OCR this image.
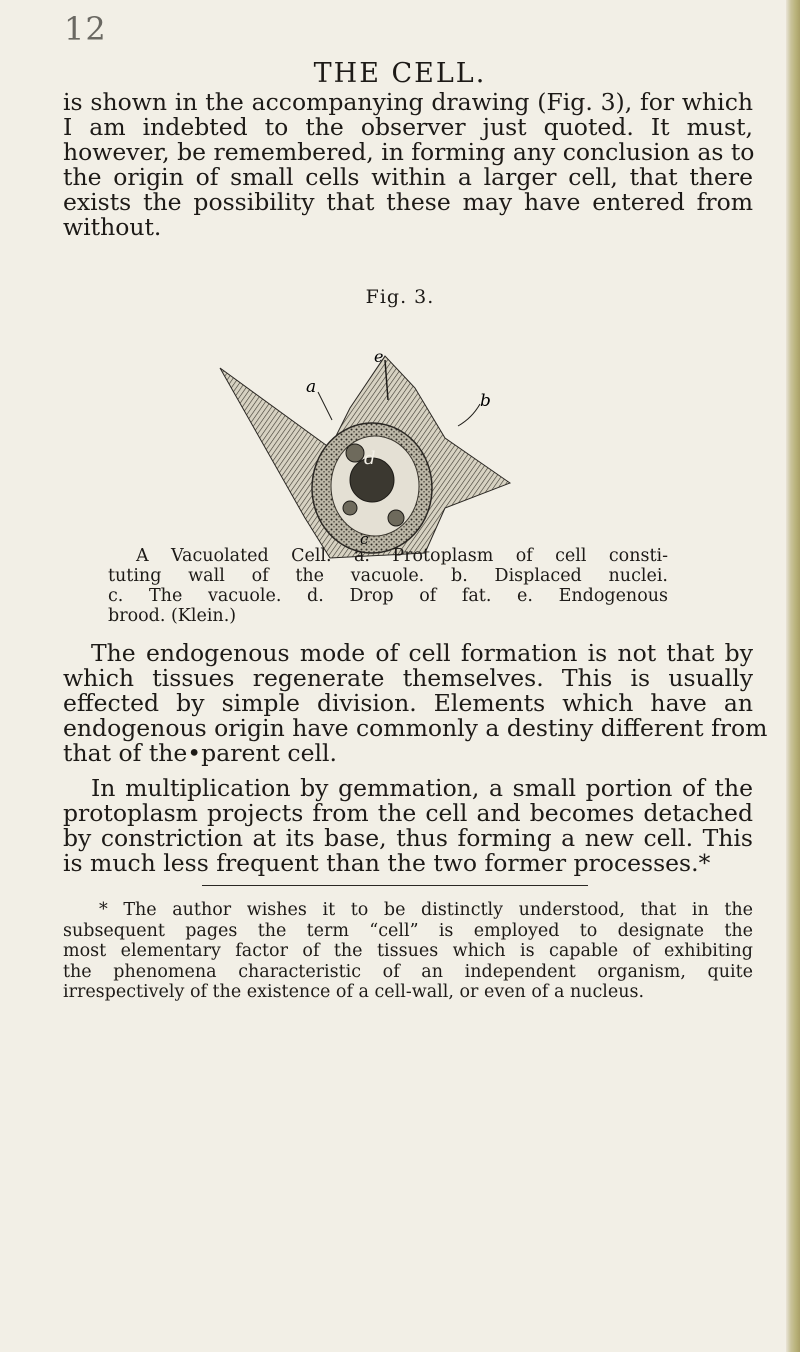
12
THE CELL.
is shown in the accompanying drawing (Fig. 3), for which
I am indebted to the observer just quoted. It must,
however, be remembered, in forming any conclusion as to
the origin of small cells within a larger cell, that there
exists the possibility that these may have entered from
without.
Fig. 3.
e
a
b
d
c
A Vacuolated Cell. a. Protoplasm of cell consti-
tuting wall of the vacuole. b. Displaced nuclei.
c. The vacuole. d. Drop of fat. e. Endogenous
brood. (Klein.)
The endogenous mode of cell formation is not that by
which tissues regenerate themselves. This is usually
effected by simple division. Elements which have an
endogenous origin have commonly a destiny different from
that of the•parent cell.
In multiplication by gemmation, a small portion of the
protoplasm projects from the cell and becomes detached
by constriction at its base, thus forming a new cell. This
is much less frequent than the two former processes.*
* The author wishes it to be distinctly understood, that in the
subsequent pages the term “cell” is employed to designate the
most elementary factor of the tissues which is capable of exhibiting
the phenomena characteristic of an independent organism, quite
irrespectively of the existence of a cell-wall, or even of a nucleus.
